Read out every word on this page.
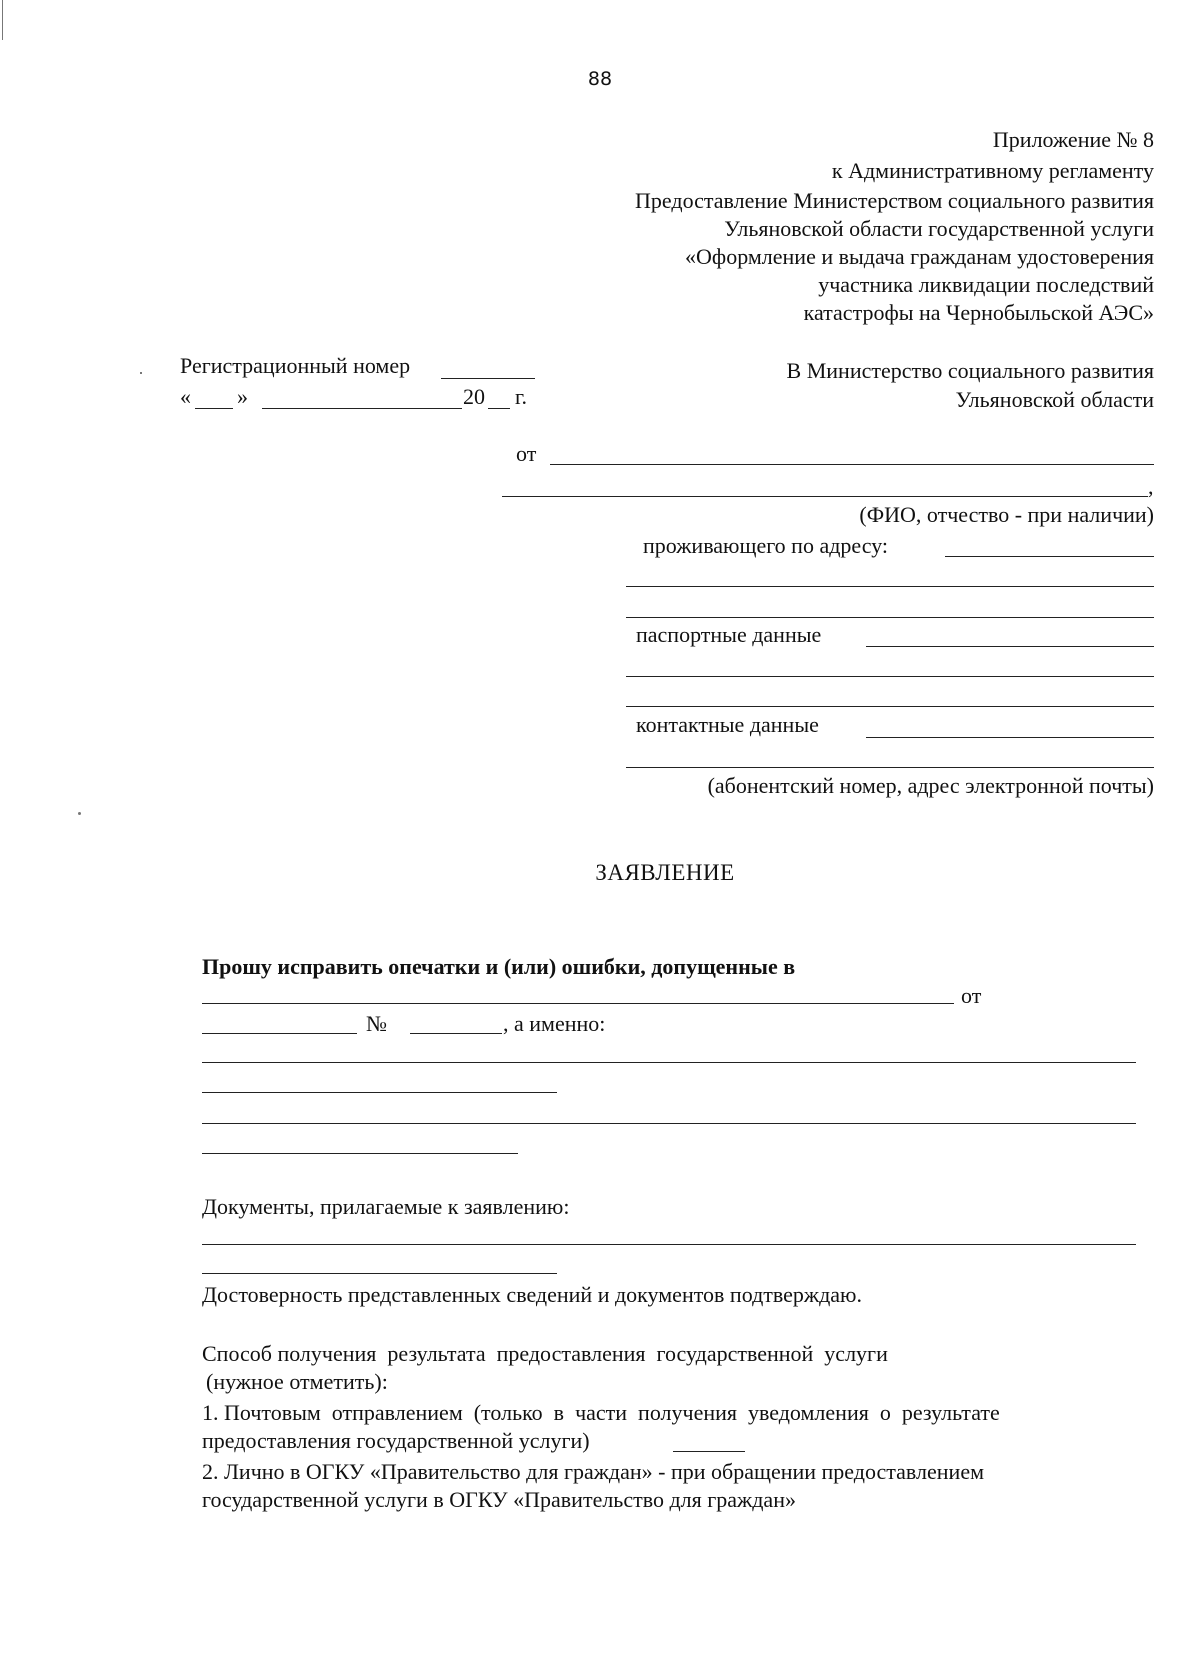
88
Приложение № 8
к Административному регламенту
Предоставление Министерством социального развития
Ульяновской области государственной услуги
«Оформление и выдача гражданам удостоверения
участника ликвидации последствий
катастрофы на Чернобыльской АЭС»
Регистрационный номер
« »	20 г.
В Министерство социального развития
Ульяновской области
от
,
(ФИО, отчество - при наличии)
проживающего по адресу:
паспортные данные
контактные данные
(абонентский номер, адрес электронной почты)
ЗАЯВЛЕНИЕ
Прошу исправить опечатки и (или) ошибки, допущенные в
от
№	, а именно:
Документы, прилагаемые к заявлению:
Достоверность представленных сведений и документов подтверждаю.
Способ получения  результата  предоставления  государственной  услуги
(нужное отметить):
1. Почтовым  отправлением  (только  в  части  получения  уведомления  о  результате
предоставления государственной услуги)
2. Лично в ОГКУ «Правительство для граждан» - при обращении предоставлением
государственной услуги в ОГКУ «Правительство для граждан»
